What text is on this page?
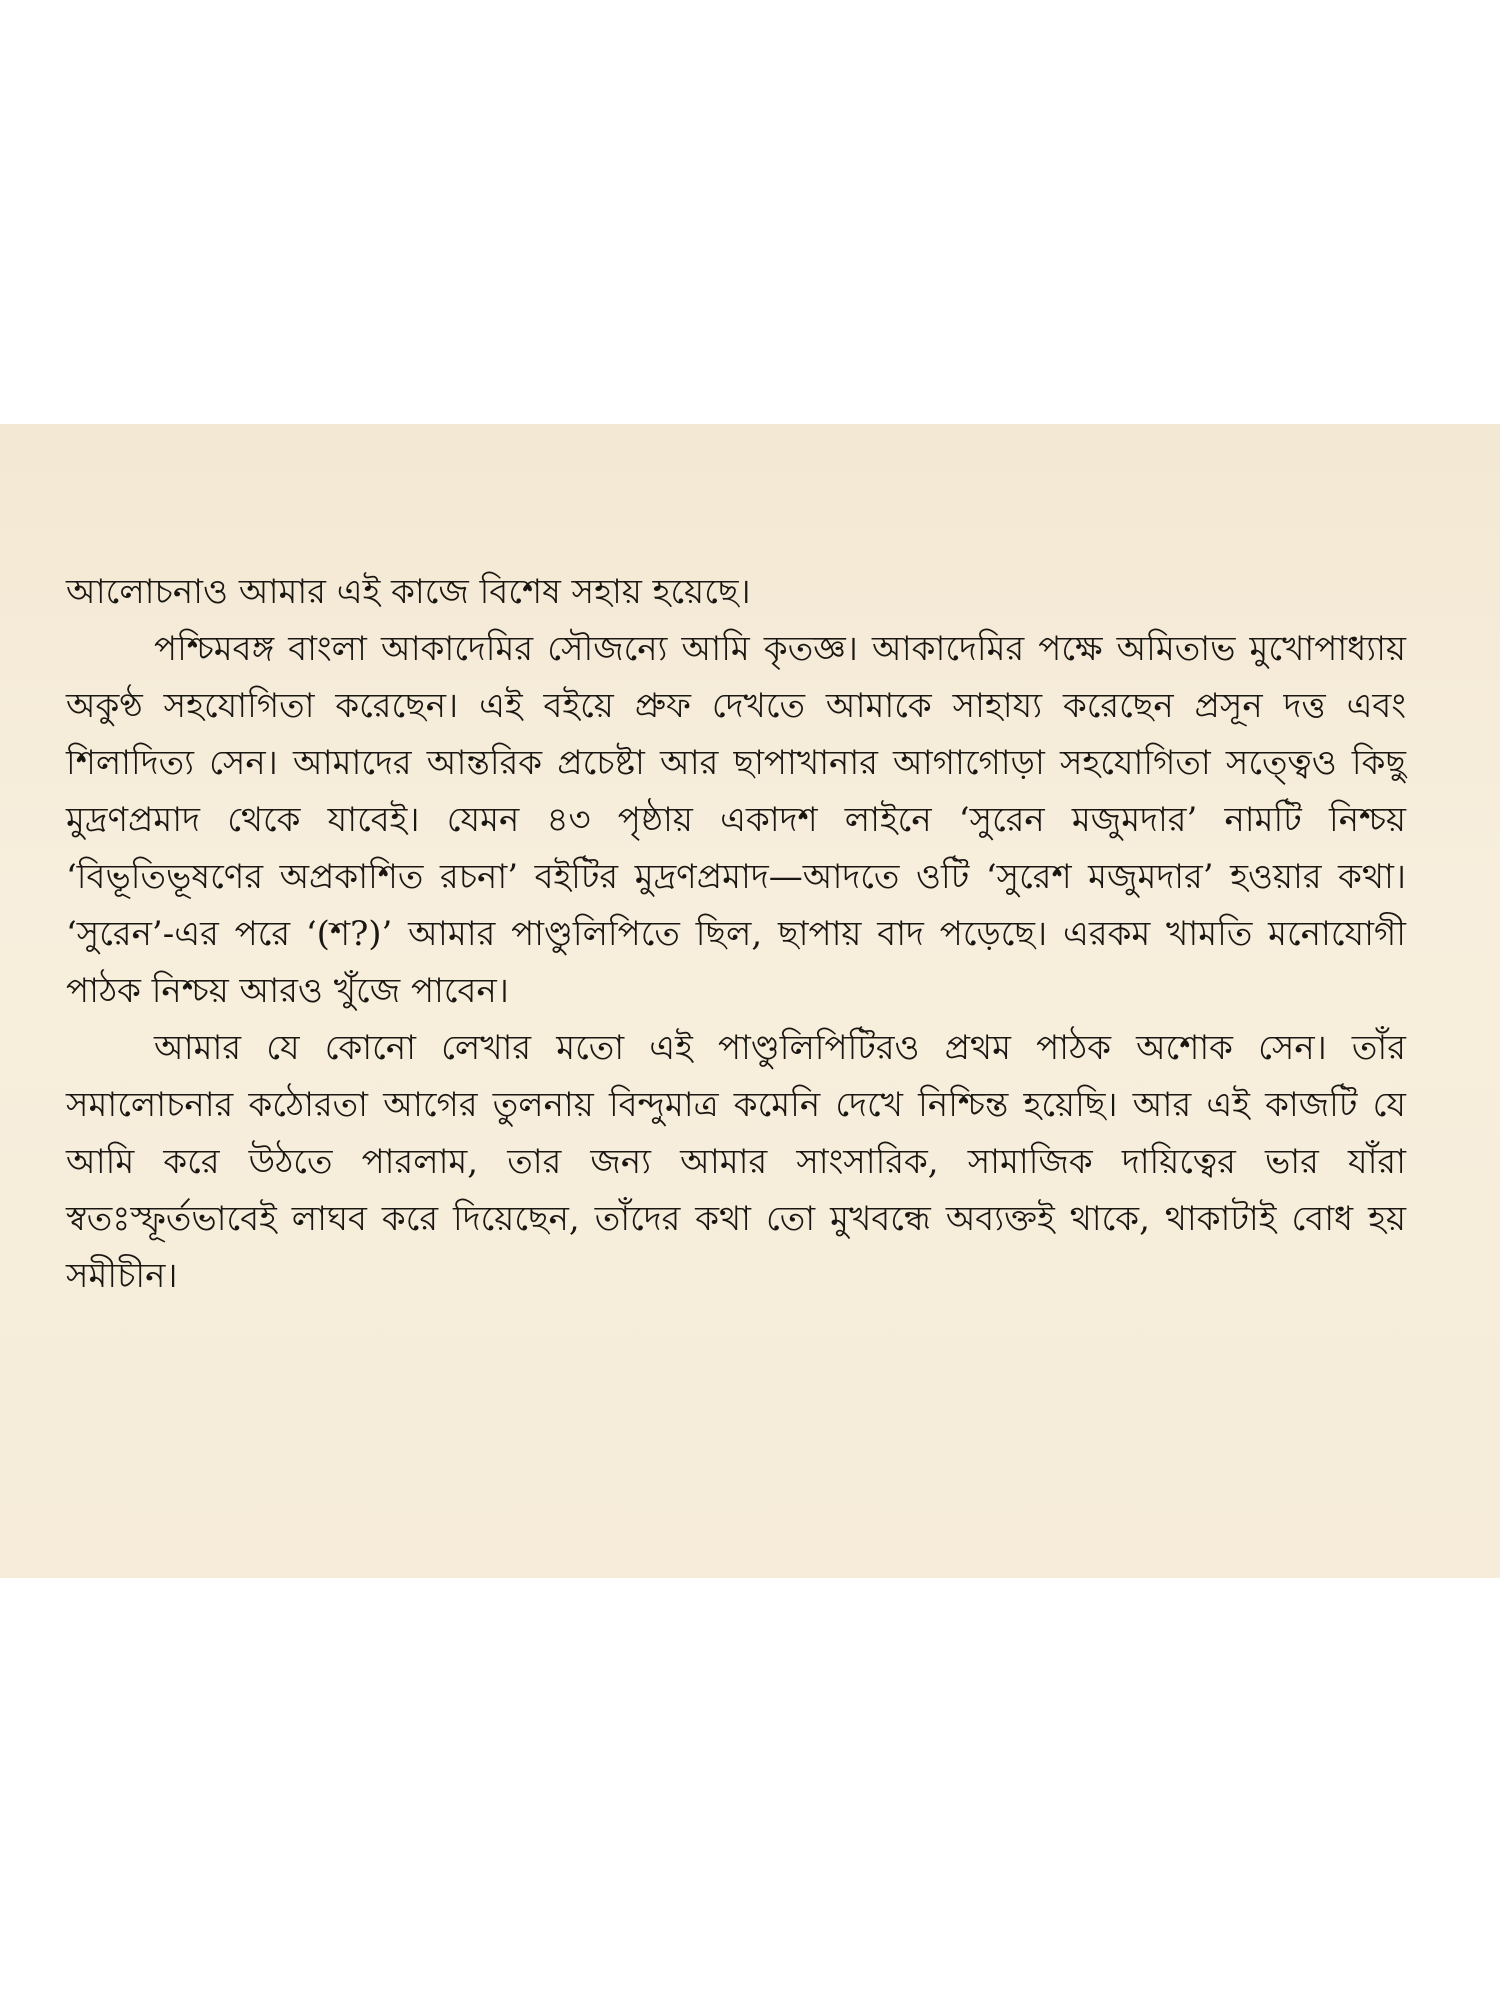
আলোচনাও আমার এই কাজে বিশেষ সহায় হয়েছে।

পশ্চিমবঙ্গ বাংলা আকাদেমির সৌজন্যে আমি কৃতজ্ঞ। আকাদেমির পক্ষে অমিতাভ মুখোপাধ্যায় অকুণ্ঠ সহযোগিতা করেছেন। এই বইয়ে প্রুফ দেখতে আমাকে সাহায্য করেছেন প্রসূন দত্ত এবং শিলাদিত্য সেন। আমাদের আন্তরিক প্রচেষ্টা আর ছাপাখানার আগাগোড়া সহযোগিতা সত্ত্বেও কিছু মুদ্রণপ্রমাদ থেকে যাবেই। যেমন ৪৩ পৃষ্ঠায় একাদশ লাইনে ‘সুরেন মজুমদার’ নামটি নিশ্চয় ‘বিভূতিভূষণের অপ্রকাশিত রচনা’ বইটির মুদ্রণপ্রমাদ—আদতে ওটি ‘সুরেশ মজুমদার’ হওয়ার কথা। ‘সুরেন’-এর পরে ‘(শ?)’ আমার পাণ্ডুলিপিতে ছিল, ছাপায় বাদ পড়েছে। এরকম খামতি মনোযোগী পাঠক নিশ্চয় আরও খুঁজে পাবেন।

আমার যে কোনো লেখার মতো এই পাণ্ডুলিপিটিরও প্রথম পাঠক অশোক সেন। তাঁর সমালোচনার কঠোরতা আগের তুলনায় বিন্দুমাত্র কমেনি দেখে নিশ্চিন্ত হয়েছি। আর এই কাজটি যে আমি করে উঠতে পারলাম, তার জন্য আমার সাংসারিক, সামাজিক দায়িত্বের ভার যাঁরা স্বতঃস্ফূর্তভাবেই লাঘব করে দিয়েছেন, তাঁদের কথা তো মুখবন্ধে অব্যক্তই থাকে, থাকাটাই বোধ হয় সমীচীন।
